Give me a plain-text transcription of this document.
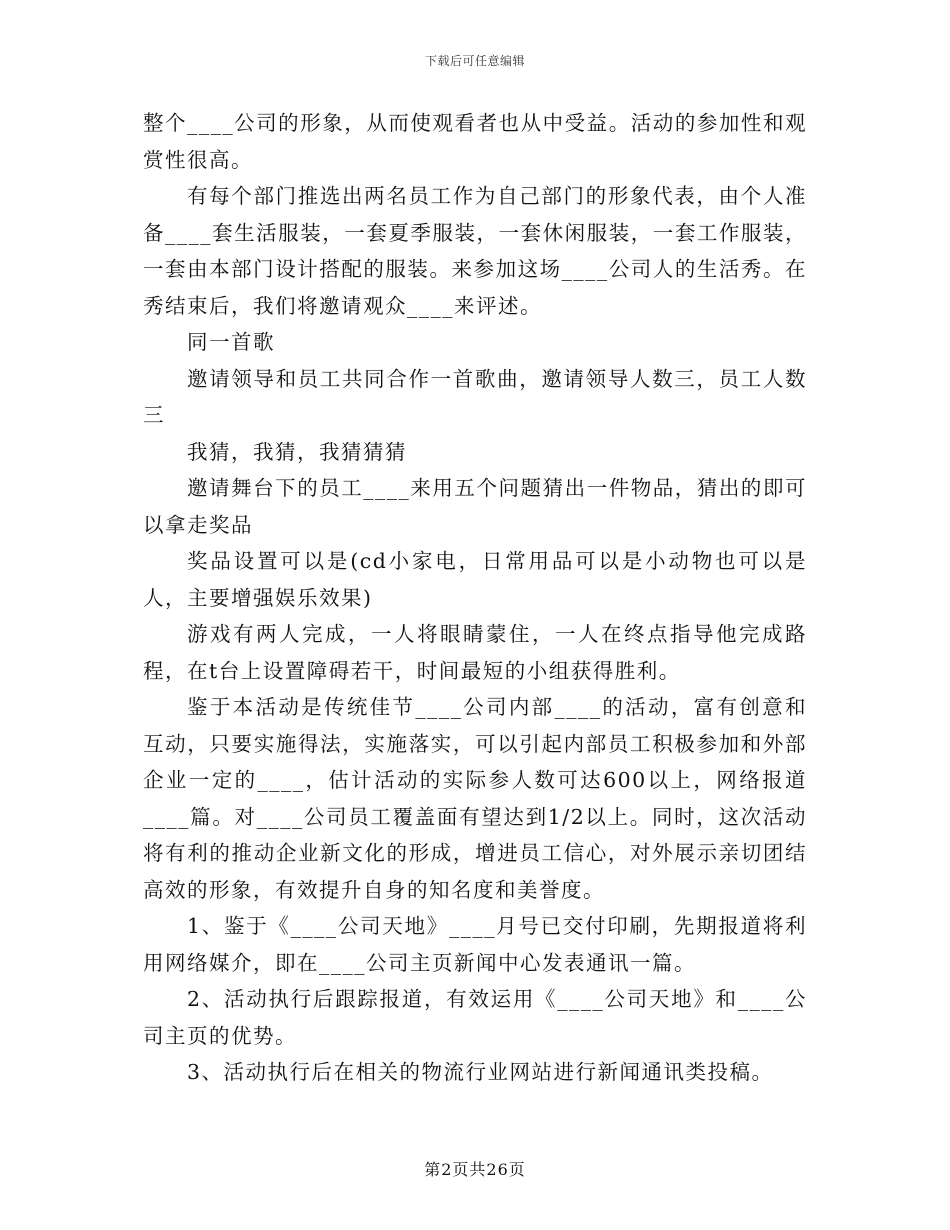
下载后可任意编辑

整个____公司的形象，从而使观看者也从中受益。活动的参加性和观赏性很高。

有每个部门推选出两名员工作为自己部门的形象代表，由个人准备____套生活服装，一套夏季服装，一套休闲服装，一套工作服装，一套由本部门设计搭配的服装。来参加这场____公司人的生活秀。在秀结束后，我们将邀请观众____来评述。

同一首歌

邀请领导和员工共同合作一首歌曲，邀请领导人数三，员工人数三

我猜，我猜，我猜猜猜

邀请舞台下的员工____来用五个问题猜出一件物品，猜出的即可以拿走奖品

奖品设置可以是(cd小家电，日常用品可以是小动物也可以是人，主要增强娱乐效果)

游戏有两人完成，一人将眼睛蒙住，一人在终点指导他完成路程，在t台上设置障碍若干，时间最短的小组获得胜利。

鉴于本活动是传统佳节____公司内部____的活动，富有创意和互动，只要实施得法，实施落实，可以引起内部员工积极参加和外部企业一定的____，估计活动的实际参人数可达600以上，网络报道____篇。对____公司员工覆盖面有望达到1/2以上。同时，这次活动将有利的推动企业新文化的形成，增进员工信心，对外展示亲切团结高效的形象，有效提升自身的知名度和美誉度。

1、鉴于《____公司天地》____月号已交付印刷，先期报道将利用网络媒介，即在____公司主页新闻中心发表通讯一篇。

2、活动执行后跟踪报道，有效运用《____公司天地》和____公司主页的优势。

3、活动执行后在相关的物流行业网站进行新闻通讯类投稿。

第2页共26页
